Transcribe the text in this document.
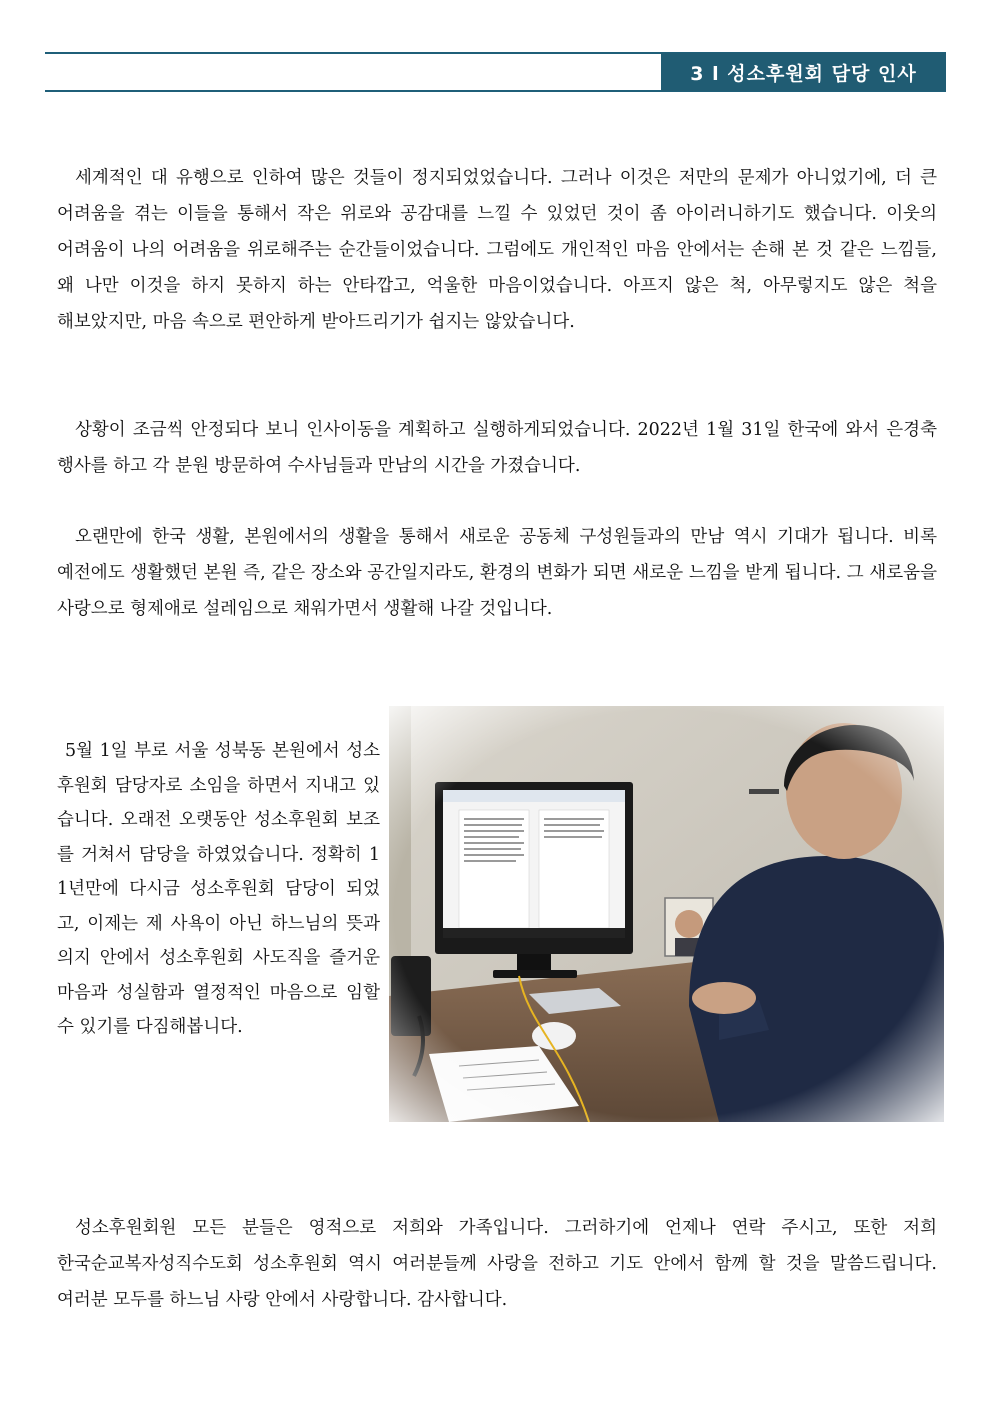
3 l 성소후원회 담당 인사

세계적인 대 유행으로 인하여 많은 것들이 정지되었었습니다. 그러나 이것은 저만의 문제가 아니었기에, 더 큰 어려움을 겪는 이들을 통해서 작은 위로와 공감대를 느낄 수 있었던 것이 좀 아이러니하기도 했습니다. 이웃의 어려움이 나의 어려움을 위로해주는 순간들이었습니다. 그럼에도 개인적인 마음 안에서는 손해 본 것 같은 느낌들, 왜 나만 이것을 하지 못하지 하는 안타깝고, 억울한 마음이었습니다. 아프지 않은 척, 아무렇지도 않은 척을 해보았지만, 마음 속으로 편안하게 받아드리기가 쉽지는 않았습니다.

상황이 조금씩 안정되다 보니 인사이동을 계획하고 실행하게되었습니다. 2022년 1월 31일 한국에 와서 은경축 행사를 하고 각 분원 방문하여 수사님들과 만남의 시간을 가졌습니다.

오랜만에 한국 생활, 본원에서의 생활을 통해서 새로운 공동체 구성원들과의 만남 역시 기대가 됩니다. 비록 예전에도 생활했던 본원 즉, 같은 장소와 공간일지라도, 환경의 변화가 되면 새로운 느낌을 받게 됩니다. 그 새로움을 사랑으로 형제애로 설레임으로 채워가면서 생활해 나갈 것입니다.

5월 1일 부로 서울 성북동 본원에서 성소후원회 담당자로 소임을 하면서 지내고 있습니다. 오래전 오랫동안 성소후원회 보조를 거쳐서 담당을 하였었습니다. 정확히 11년만에 다시금 성소후원회 담당이 되었고, 이제는 제 사욕이 아닌 하느님의 뜻과 의지 안에서 성소후원회 사도직을 즐거운 마음과 성실함과 열정적인 마음으로 임할 수 있기를 다짐해봅니다.

성소후원회원 모든 분들은 영적으로 저희와 가족입니다. 그러하기에 언제나 연락 주시고, 또한 저희 한국순교복자성직수도회 성소후원회 역시 여러분들께 사랑을 전하고 기도 안에서 함께 할 것을 말씀드립니다. 여러분 모두를 하느님 사랑 안에서 사랑합니다. 감사합니다.
